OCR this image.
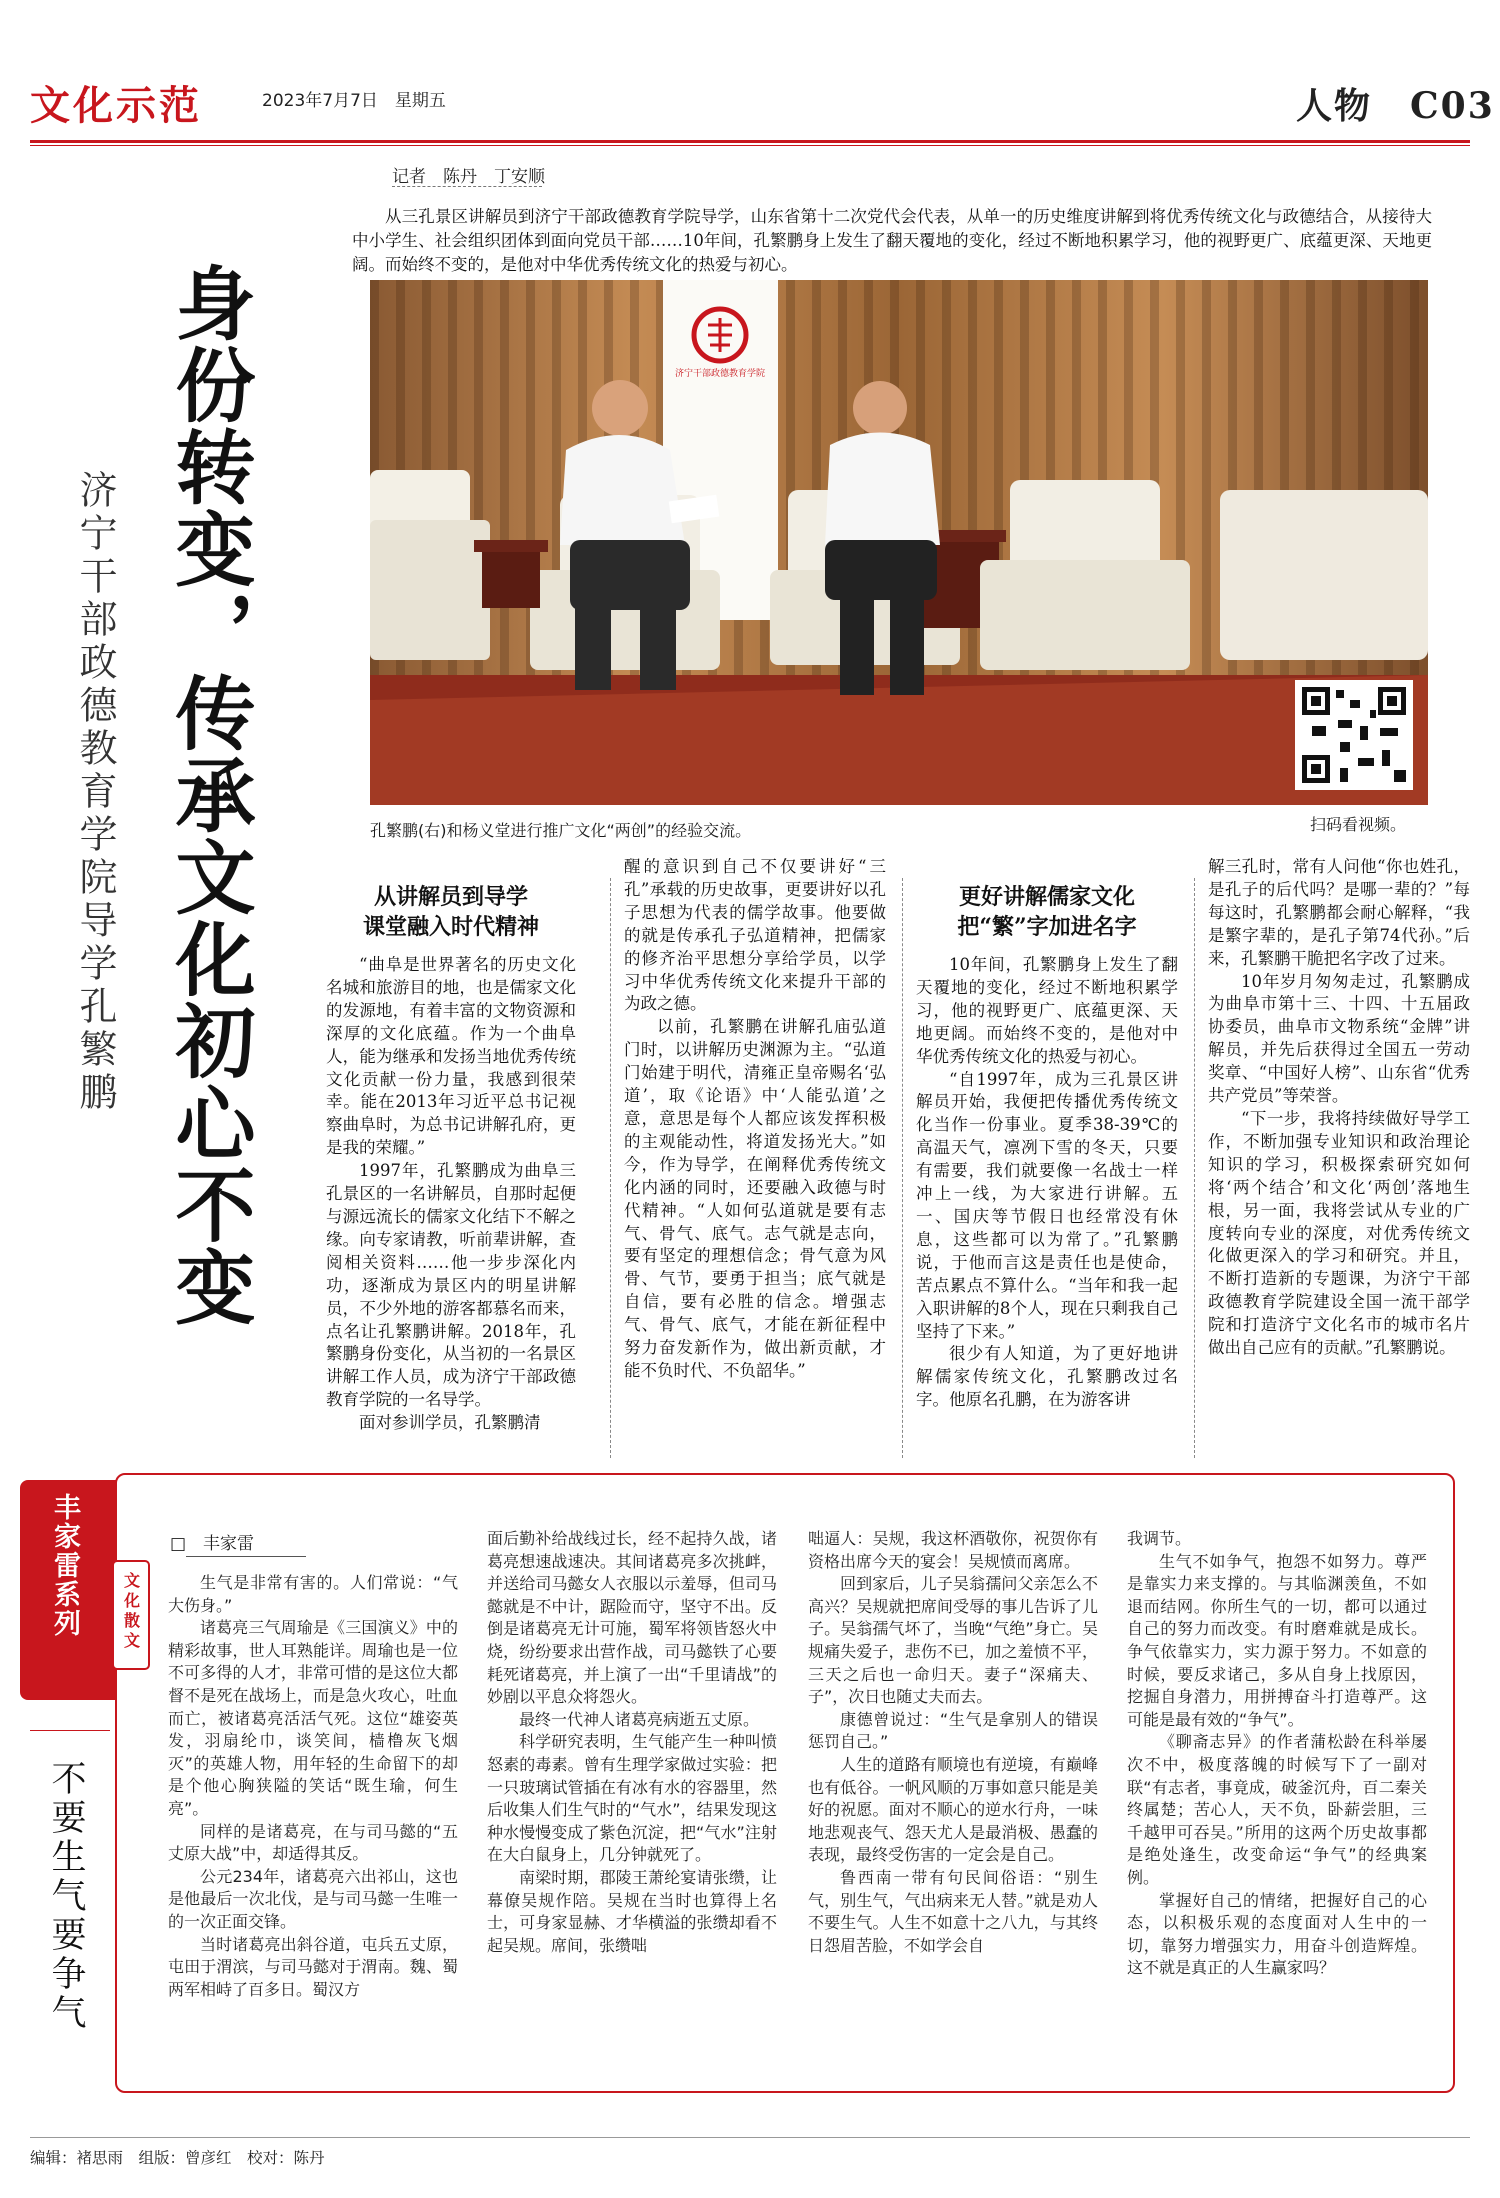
文化示范	2023年7月7日　星期五	人物　C03
身份转变，传承文化初心不变
济宁干部政德教育学院导学孔繁鹏
记者　陈丹　丁安顺
从三孔景区讲解员到济宁干部政德教育学院导学，山东省第十二次党代会代表，从单一的历史维度讲解到将优秀传统文化与政德结合，从接待大中小学生、社会组织团体到面向党员干部……10年间，孔繁鹏身上发生了翻天覆地的变化，经过不断地积累学习，他的视野更广、底蕴更深、天地更阔。而始终不变的，是他对中华优秀传统文化的热爱与初心。
济宁干部政德教育学院
孔繁鹏(右)和杨义堂进行推广文化“两创”的经验交流。	扫码看视频。
从讲解员到导学
课堂融入时代精神

“曲阜是世界著名的历史文化名城和旅游目的地，也是儒家文化的发源地，有着丰富的文物资源和深厚的文化底蕴。作为一个曲阜人，能为继承和发扬当地优秀传统文化贡献一份力量，我感到很荣幸。能在2013年习近平总书记视察曲阜时，为总书记讲解孔府，更是我的荣耀。”

1997年，孔繁鹏成为曲阜三孔景区的一名讲解员，自那时起便与源远流长的儒家文化结下不解之缘。向专家请教，听前辈讲解，查阅相关资料……他一步步深化内功，逐渐成为景区内的明星讲解员，不少外地的游客都慕名而来，点名让孔繁鹏讲解。2018年，孔繁鹏身份变化，从当初的一名景区讲解工作人员，成为济宁干部政德教育学院的一名导学。

面对参训学员，孔繁鹏清

醒的意识到自己不仅要讲好“三孔”承载的历史故事，更要讲好以孔子思想为代表的儒学故事。他要做的就是传承孔子弘道精神，把儒家的修齐治平思想分享给学员，以学习中华优秀传统文化来提升干部的为政之德。

以前，孔繁鹏在讲解孔庙弘道门时，以讲解历史渊源为主。“弘道门始建于明代，清雍正皇帝赐名‘弘道’，取《论语》中‘人能弘道’之意，意思是每个人都应该发挥积极的主观能动性，将道发扬光大。”如今，作为导学，在阐释优秀传统文化内涵的同时，还要融入政德与时代精神。“人如何弘道就是要有志气、骨气、底气。志气就是志向，要有坚定的理想信念；骨气意为风骨、气节，要勇于担当；底气就是自信，要有必胜的信念。增强志气、骨气、底气，才能在新征程中努力奋发新作为，做出新贡献，才能不负时代、不负韶华。”

更好讲解儒家文化
把“繁”字加进名字

10年间，孔繁鹏身上发生了翻天覆地的变化，经过不断地积累学习，他的视野更广、底蕴更深、天地更阔。而始终不变的，是他对中华优秀传统文化的热爱与初心。

“自1997年，成为三孔景区讲解员开始，我便把传播优秀传统文化当作一份事业。夏季38-39℃的高温天气，凛冽下雪的冬天，只要有需要，我们就要像一名战士一样冲上一线，为大家进行讲解。五一、国庆等节假日也经常没有休息，这些都可以为常了。”孔繁鹏说，于他而言这是责任也是使命，苦点累点不算什么。“当年和我一起入职讲解的8个人，现在只剩我自己坚持了下来。”

很少有人知道，为了更好地讲解儒家传统文化，孔繁鹏改过名字。他原名孔鹏，在为游客讲

解三孔时，常有人问他“你也姓孔，是孔子的后代吗？是哪一辈的？”每每这时，孔繁鹏都会耐心解释，“我是繁字辈的，是孔子第74代孙。”后来，孔繁鹏干脆把名字改了过来。

10年岁月匆匆走过，孔繁鹏成为曲阜市第十三、十四、十五届政协委员，曲阜市文物系统“金牌”讲解员，并先后获得过全国五一劳动奖章、“中国好人榜”、山东省“优秀共产党员”等荣誉。

“下一步，我将持续做好导学工作，不断加强专业知识和政治理论知识的学习，积极探索研究如何将‘两个结合’和文化‘两创’落地生根，另一面，我将尝试从专业的广度转向专业的深度，对优秀传统文化做更深入的学习和研究。并且，不断打造新的专题课，为济宁干部政德教育学院建设全国一流干部学院和打造济宁文化名市的城市名片做出自己应有的贡献。”孔繁鹏说。

丰家雷系列	文化散文
不要生气要争气
□　丰家雷

生气是非常有害的。人们常说：“气大伤身。”

诸葛亮三气周瑜是《三国演义》中的精彩故事，世人耳熟能详。周瑜也是一位不可多得的人才，非常可惜的是这位大都督不是死在战场上，而是急火攻心，吐血而亡，被诸葛亮活活气死。这位“雄姿英发，羽扇纶巾，谈笑间，樯橹灰飞烟灭”的英雄人物，用年轻的生命留下的却是个他心胸狭隘的笑话“既生瑜，何生亮”。

同样的是诸葛亮，在与司马懿的“五丈原大战”中，却适得其反。

公元234年，诸葛亮六出祁山，这也是他最后一次北伐，是与司马懿一生唯一的一次正面交锋。

当时诸葛亮出斜谷道，屯兵五丈原，屯田于渭滨，与司马懿对于渭南。魏、蜀两军相峙了百多日。蜀汉方

面后勤补给战线过长，经不起持久战，诸葛亮想速战速决。其间诸葛亮多次挑衅，并送给司马懿女人衣服以示羞辱，但司马懿就是不中计，踞险而守，坚守不出。反倒是诸葛亮无计可施，蜀军将领皆怒火中烧，纷纷要求出营作战，司马懿铁了心要耗死诸葛亮，并上演了一出“千里请战”的妙剧以平息众将怨火。

最终一代神人诸葛亮病逝五丈原。

科学研究表明，生气能产生一种叫愤怒素的毒素。曾有生理学家做过实验：把一只玻璃试管插在有冰有水的容器里，然后收集人们生气时的“气水”，结果发现这种水慢慢变成了紫色沉淀，把“气水”注射在大白鼠身上，几分钟就死了。

南梁时期，郡陵王萧纶宴请张缵，让幕僚吴规作陪。吴规在当时也算得上名士，可身家显赫、才华横溢的张缵却看不起吴规。席间，张缵咄

咄逼人：吴规，我这杯酒敬你，祝贺你有资格出席今天的宴会！吴规愤而离席。

回到家后，儿子吴翁孺问父亲怎么不高兴？吴规就把席间受辱的事儿告诉了儿子。吴翁孺气坏了，当晚“气绝”身亡。吴规痛失爱子，悲伤不已，加之羞愤不平，三天之后也一命归天。妻子“深痛夫、子”，次日也随丈夫而去。

康德曾说过：“生气是拿别人的错误惩罚自己。”

人生的道路有顺境也有逆境，有巅峰也有低谷。一帆风顺的万事如意只能是美好的祝愿。面对不顺心的逆水行舟，一味地悲观丧气、怨天尤人是最消极、愚蠢的表现，最终受伤害的一定会是自己。

鲁西南一带有句民间俗语：“别生气，别生气，气出病来无人替。”就是劝人不要生气。人生不如意十之八九，与其终日怨眉苦脸，不如学会自

我调节。

生气不如争气，抱怨不如努力。尊严是靠实力来支撑的。与其临渊羡鱼，不如退而结网。你所生气的一切，都可以通过自己的努力而改变。有时磨难就是成长。争气依靠实力，实力源于努力。不如意的时候，要反求诸己，多从自身上找原因，挖掘自身潜力，用拼搏奋斗打造尊严。这可能是最有效的“争气”。

《聊斋志异》的作者蒲松龄在科举屡次不中，极度落魄的时候写下了一副对联“有志者，事竟成，破釜沉舟，百二秦关终属楚；苦心人，天不负，卧薪尝胆，三千越甲可吞吴。”所用的这两个历史故事都是绝处逢生，改变命运“争气”的经典案例。

掌握好自己的情绪，把握好自己的心态，以积极乐观的态度面对人生中的一切，靠努力增强实力，用奋斗创造辉煌。这不就是真正的人生赢家吗？

编辑：褚思雨　组版：曾彦红　校对：陈丹
